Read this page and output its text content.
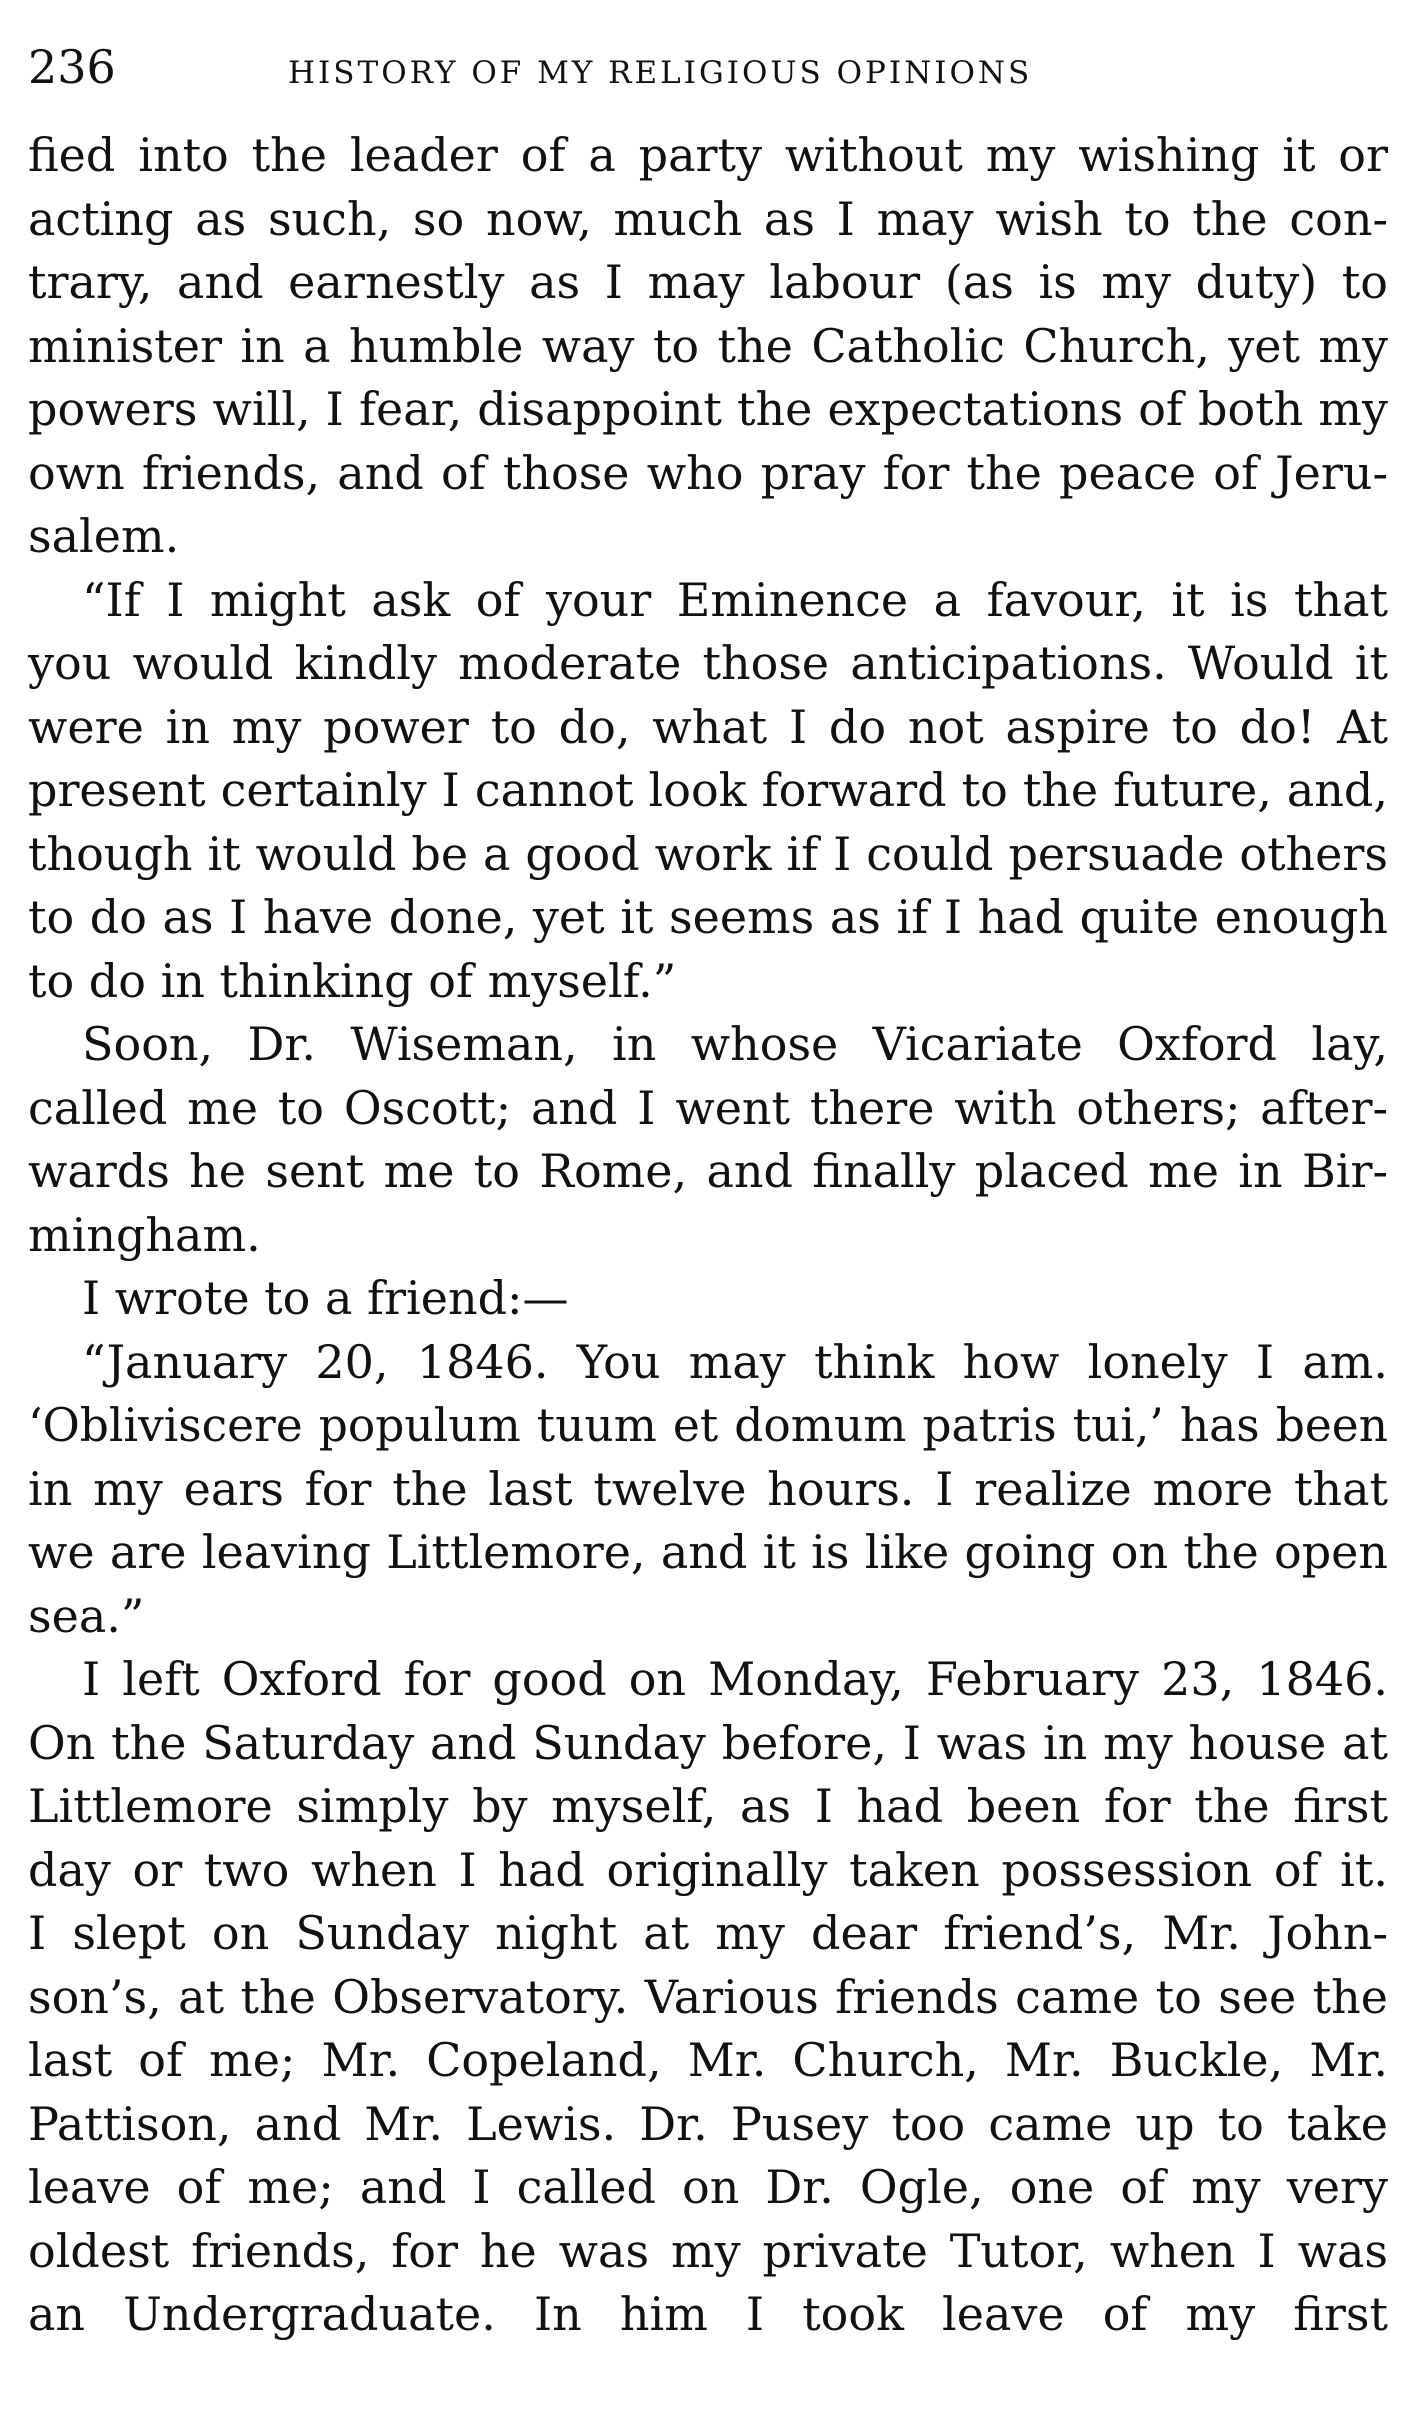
236	HISTORY OF MY RELIGIOUS OPINIONS
fied into the leader of a party without my wishing it or
acting as such, so now, much as I may wish to the con-
trary, and earnestly as I may labour (as is my duty) to
minister in a humble way to the Catholic Church, yet my
powers will, I fear, disappoint the expectations of both my
own friends, and of those who pray for the peace of Jeru-
salem.
“If I might ask of your Eminence a favour, it is that
you would kindly moderate those anticipations. Would it
were in my power to do, what I do not aspire to do! At
present certainly I cannot look forward to the future, and,
though it would be a good work if I could persuade others
to do as I have done, yet it seems as if I had quite enough
to do in thinking of myself.”
Soon, Dr. Wiseman, in whose Vicariate Oxford lay,
called me to Oscott; and I went there with others; after-
wards he sent me to Rome, and finally placed me in Bir-
mingham.
I wrote to a friend:—
“January 20, 1846. You may think how lonely I am.
‘Obliviscere populum tuum et domum patris tui,’ has been
in my ears for the last twelve hours. I realize more that
we are leaving Littlemore, and it is like going on the open
sea.”
I left Oxford for good on Monday, February 23, 1846.
On the Saturday and Sunday before, I was in my house at
Littlemore simply by myself, as I had been for the first
day or two when I had originally taken possession of it.
I slept on Sunday night at my dear friend’s, Mr. John-
son’s, at the Observatory. Various friends came to see the
last of me; Mr. Copeland, Mr. Church, Mr. Buckle, Mr.
Pattison, and Mr. Lewis. Dr. Pusey too came up to take
leave of me; and I called on Dr. Ogle, one of my very
oldest friends, for he was my private Tutor, when I was
an Undergraduate. In him I took leave of my first
